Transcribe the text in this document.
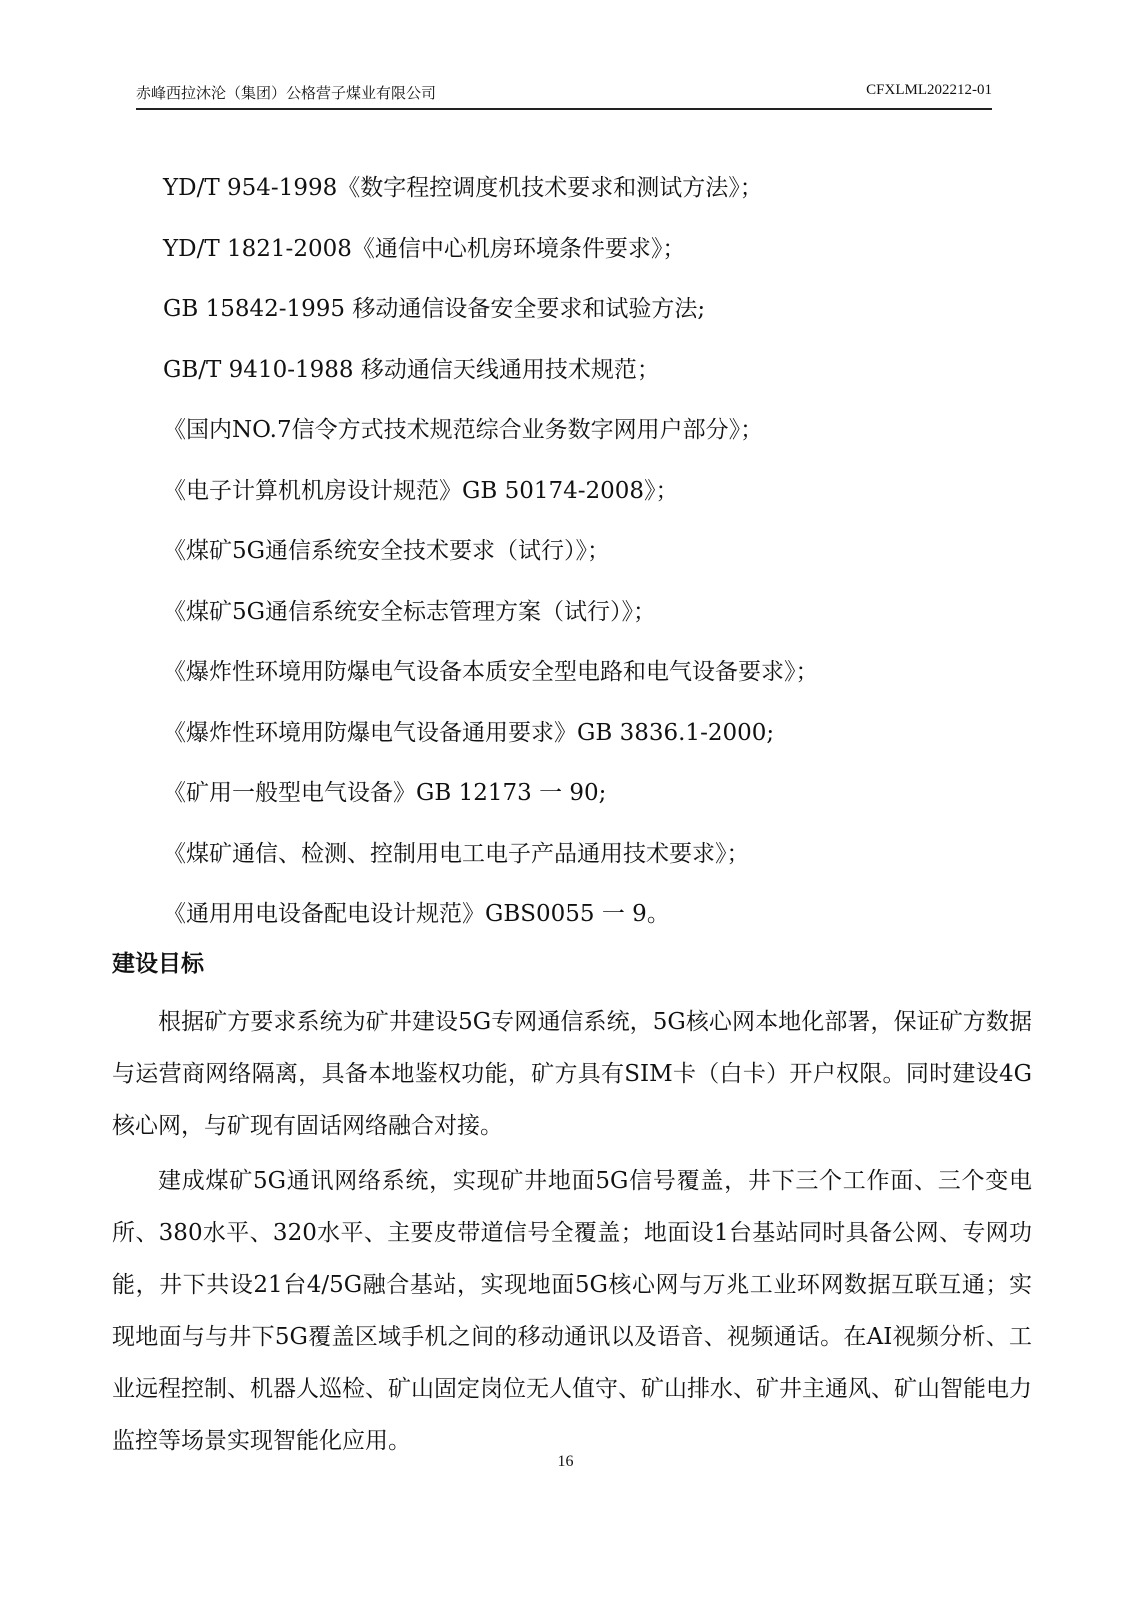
赤峰西拉沐沦（集团）公格营子煤业有限公司	CFXLML202212-01
YD/T 954-1998《数字程控调度机技术要求和测试方法》；
YD/T 1821-2008《通信中心机房环境条件要求》；
GB 15842-1995 移动通信设备安全要求和试验方法;
GB/T 9410-1988 移动通信天线通用技术规范；
《国内NO.7信令方式技术规范综合业务数字网用户部分》；
《电子计算机机房设计规范》GB 50174-2008》；
《煤矿5G通信系统安全技术要求（试行）》；
《煤矿5G通信系统安全标志管理方案（试行）》；
《爆炸性环境用防爆电气设备本质安全型电路和电气设备要求》；
《爆炸性环境用防爆电气设备通用要求》GB 3836.1-2000;
《矿用一般型电气设备》GB 12173 一 90;
《煤矿通信、检测、控制用电工电子产品通用技术要求》；
《通用用电设备配电设计规范》GBS0055 一 9。
建设目标

根据矿方要求系统为矿井建设5G专网通信系统，5G核心网本地化部署，保证矿方数据与运营商网络隔离，具备本地鉴权功能，矿方具有SIM卡（白卡）开户权限。同时建设4G核心网，与矿现有固话网络融合对接。

建成煤矿5G通讯网络系统，实现矿井地面5G信号覆盖，井下三个工作面、三个变电所、380水平、320水平、主要皮带道信号全覆盖；地面设1台基站同时具备公网、专网功能，井下共设21台4/5G融合基站，实现地面5G核心网与万兆工业环网数据互联互通；实现地面与与井下5G覆盖区域手机之间的移动通讯以及语音、视频通话。在AI视频分析、工业远程控制、机器人巡检、矿山固定岗位无人值守、矿山排水、矿井主通风、矿山智能电力监控等场景实现智能化应用。

16
